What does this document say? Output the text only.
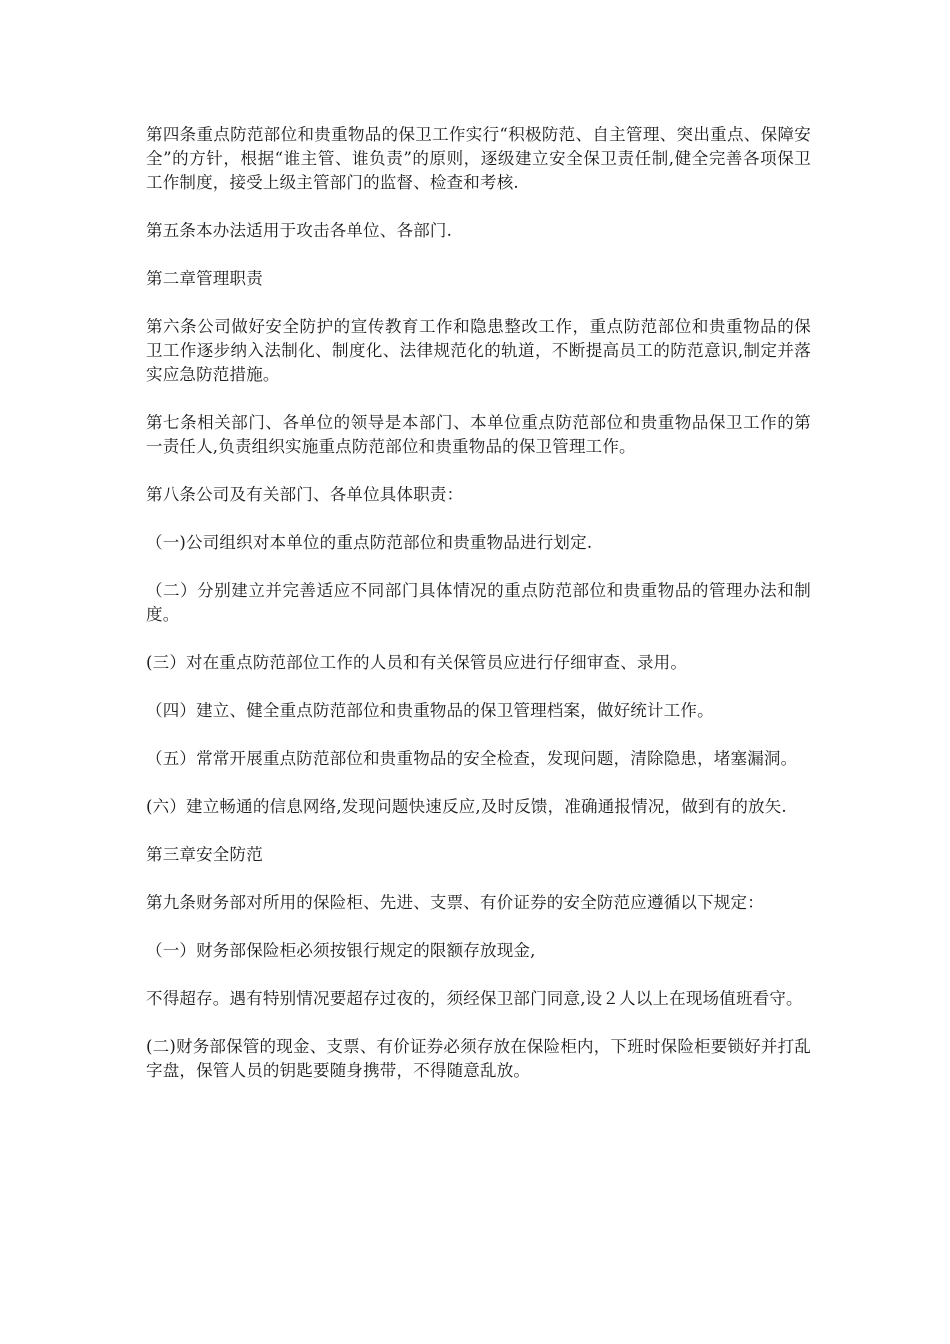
第四条重点防范部位和贵重物品的保卫工作实行“积极防范、自主管理、突出重点、保障安全”的方针，根据“谁主管、谁负责”的原则，逐级建立安全保卫责任制,健全完善各项保卫工作制度，接受上级主管部门的监督、检查和考核.

第五条本办法适用于攻击各单位、各部门.

第二章管理职责

第六条公司做好安全防护的宣传教育工作和隐患整改工作，重点防范部位和贵重物品的保卫工作逐步纳入法制化、制度化、法律规范化的轨道，不断提高员工的防范意识,制定并落实应急防范措施。

第七条相关部门、各单位的领导是本部门、本单位重点防范部位和贵重物品保卫工作的第一责任人,负责组织实施重点防范部位和贵重物品的保卫管理工作。

第八条公司及有关部门、各单位具体职责：

（一)公司组织对本单位的重点防范部位和贵重物品进行划定.

（二）分别建立并完善适应不同部门具体情况的重点防范部位和贵重物品的管理办法和制度。

(三）对在重点防范部位工作的人员和有关保管员应进行仔细审查、录用。

（四）建立、健全重点防范部位和贵重物品的保卫管理档案，做好统计工作。

（五）常常开展重点防范部位和贵重物品的安全检查，发现问题，清除隐患，堵塞漏洞。

(六）建立畅通的信息网络,发现问题快速反应,及时反馈，准确通报情况，做到有的放矢.

第三章安全防范

第九条财务部对所用的保险柜、先进、支票、有价证券的安全防范应遵循以下规定：

（一）财务部保险柜必须按银行规定的限额存放现金,

不得超存。遇有特别情况要超存过夜的，须经保卫部门同意,设２人以上在现场值班看守。

(二)财务部保管的现金、支票、有价证券必须存放在保险柜内，下班时保险柜要锁好并打乱字盘，保管人员的钥匙要随身携带，不得随意乱放。
